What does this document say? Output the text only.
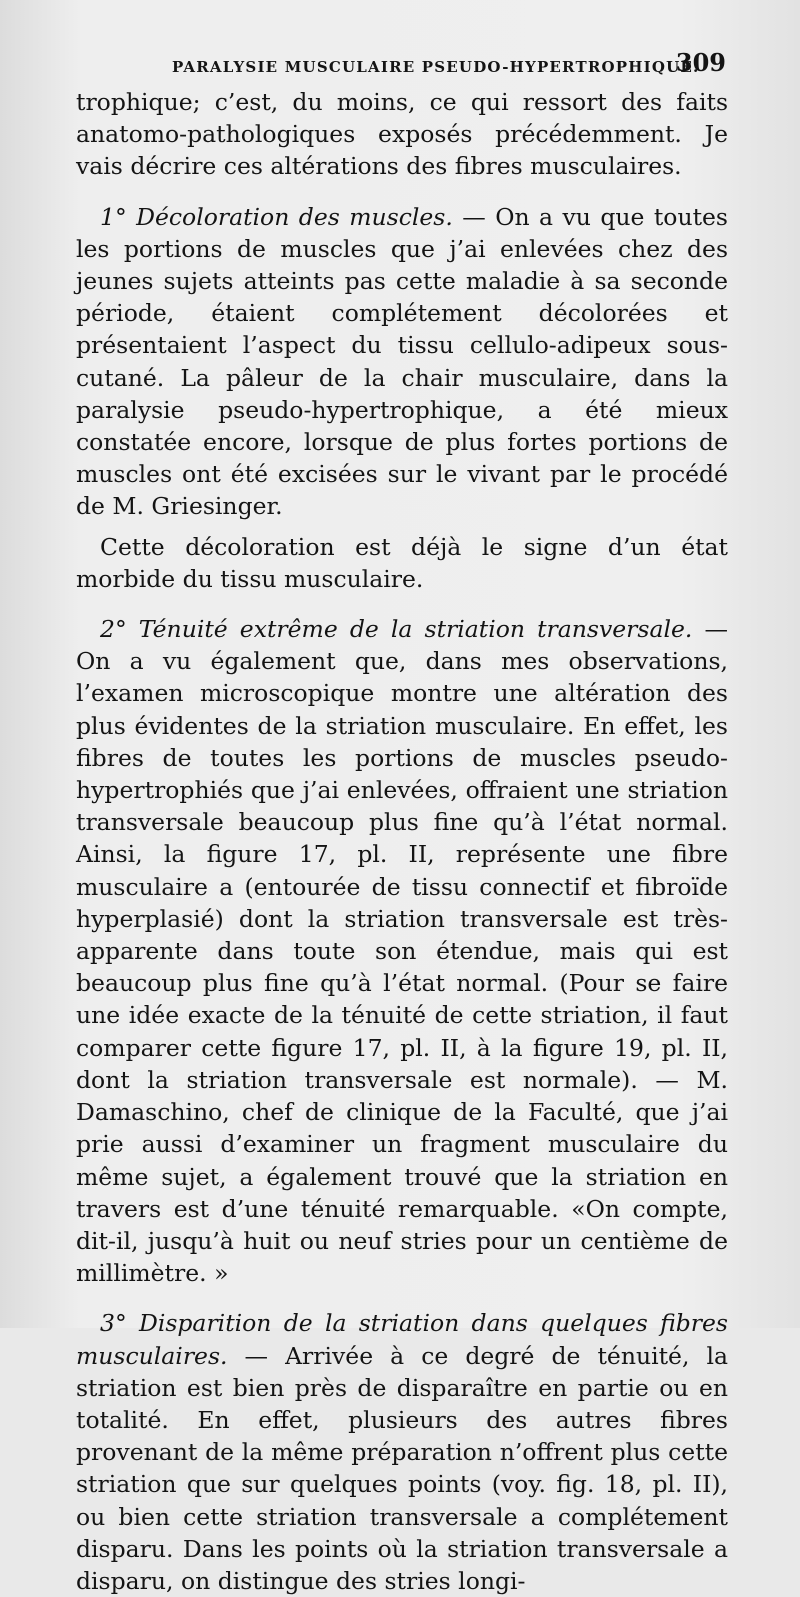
PARALYSIE MUSCULAIRE PSEUDO-HYPERTROPHIQUE.
309

trophique; c’est, du moins, ce qui ressort des faits anatomo-pathologiques exposés précédemment. Je vais décrire ces altérations des fibres musculaires.

1° Décoloration des muscles. — On a vu que toutes les portions de muscles que j’ai enlevées chez des jeunes sujets atteints pas cette maladie à sa seconde période, étaient complétement décolorées et présentaient l’aspect du tissu cellulo-adipeux sous-cutané. La pâleur de la chair musculaire, dans la paralysie pseudo-hypertrophique, a été mieux constatée encore, lorsque de plus fortes portions de muscles ont été excisées sur le vivant par le procédé de M. Griesinger.

Cette décoloration est déjà le signe d’un état morbide du tissu musculaire.

2° Ténuité extrême de la striation transversale. — On a vu également que, dans mes observations, l’examen microscopique montre une altération des plus évidentes de la striation musculaire. En effet, les fibres de toutes les portions de muscles pseudo-hypertrophiés que j’ai enlevées, offraient une striation transversale beaucoup plus fine qu’à l’état normal. Ainsi, la figure 17, pl. II, représente une fibre musculaire a (entourée de tissu connectif et fibroïde hyperplasié) dont la striation transversale est très-apparente dans toute son étendue, mais qui est beaucoup plus fine qu’à l’état normal. (Pour se faire une idée exacte de la ténuité de cette striation, il faut comparer cette figure 17, pl. II, à la figure 19, pl. II, dont la striation transversale est normale). — M. Damaschino, chef de clinique de la Faculté, que j’ai prie aussi d’examiner un fragment musculaire du même sujet, a également trouvé que la striation en travers est d’une ténuité remarquable. «On compte, dit-il, jusqu’à huit ou neuf stries pour un centième de millimètre. »

3° Disparition de la striation dans quelques fibres musculaires. — Arrivée à ce degré de ténuité, la striation est bien près de disparaître en partie ou en totalité. En effet, plusieurs des autres fibres provenant de la même préparation n’offrent plus cette striation que sur quelques points (voy. fig. 18, pl. II), ou bien cette striation transversale a complétement disparu. Dans les points où la striation transversale a disparu, on distingue des stries longi-
